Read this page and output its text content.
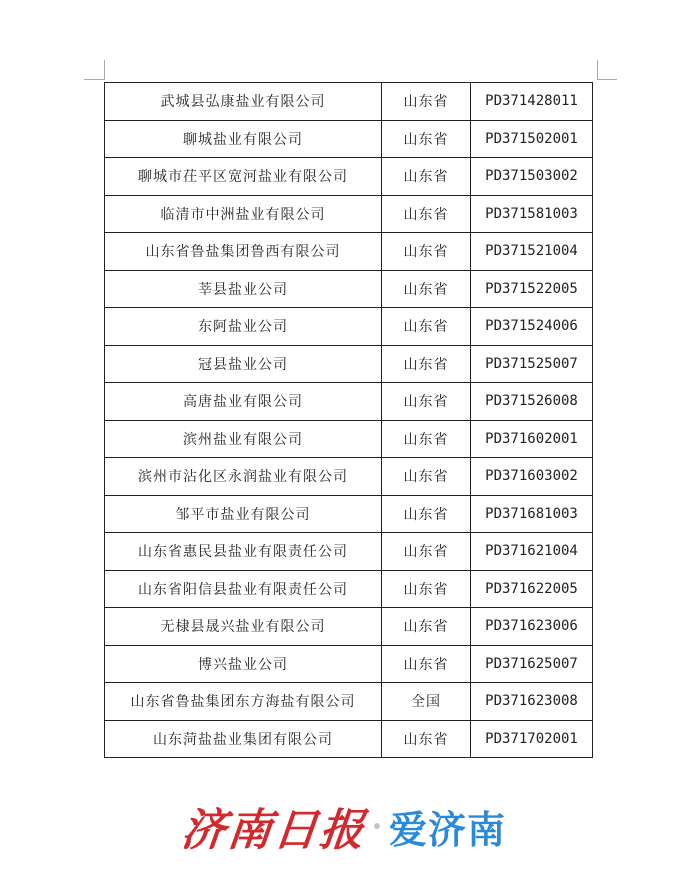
武城县弘康盐业有限公司	山东省	PD371428011
聊城盐业有限公司	山东省	PD371502001
聊城市茌平区宽河盐业有限公司	山东省	PD371503002
临清市中洲盐业有限公司	山东省	PD371581003
山东省鲁盐集团鲁西有限公司	山东省	PD371521004
莘县盐业公司	山东省	PD371522005
东阿盐业公司	山东省	PD371524006
冠县盐业公司	山东省	PD371525007
高唐盐业有限公司	山东省	PD371526008
滨州盐业有限公司	山东省	PD371602001
滨州市沾化区永润盐业有限公司	山东省	PD371603002
邹平市盐业有限公司	山东省	PD371681003
山东省惠民县盐业有限责任公司	山东省	PD371621004
山东省阳信县盐业有限责任公司	山东省	PD371622005
无棣县晟兴盐业有限公司	山东省	PD371623006
博兴盐业公司	山东省	PD371625007
山东省鲁盐集团东方海盐有限公司	全国	PD371623008
山东菏盐盐业集团有限公司	山东省	PD371702001
济南日报 爱济南
